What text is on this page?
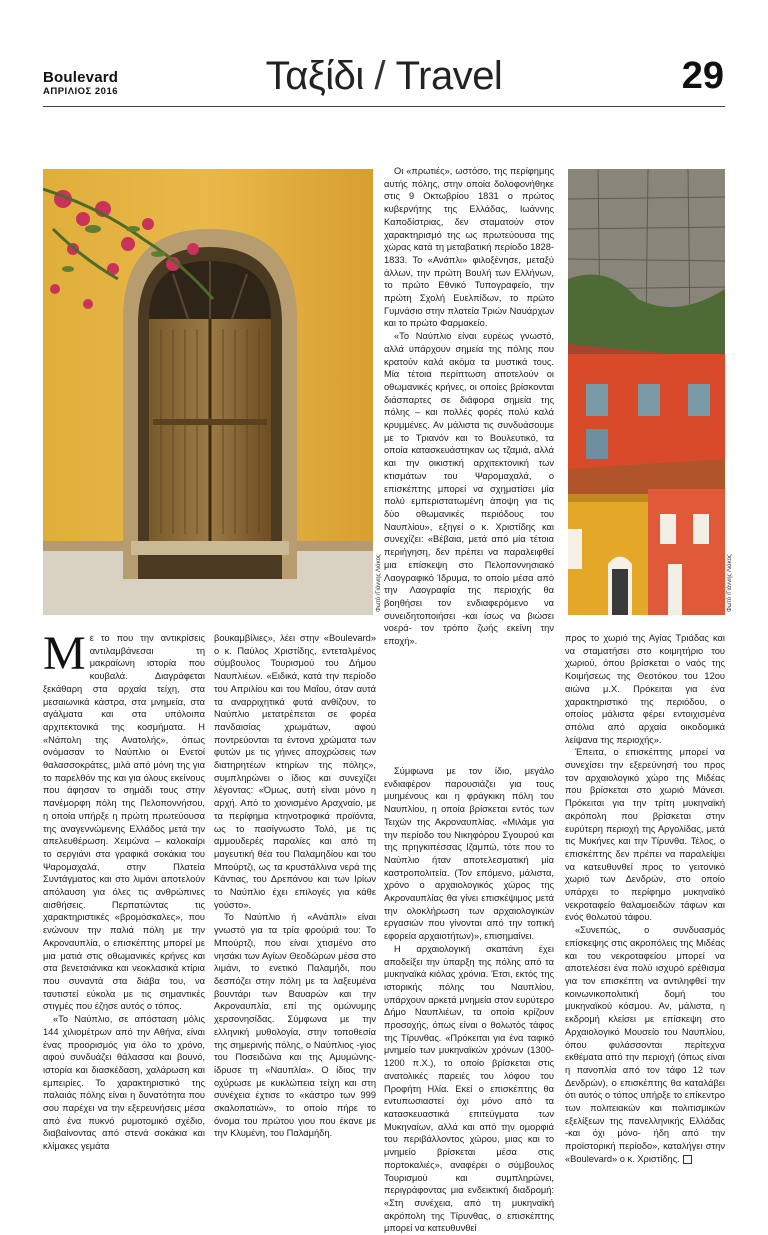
Boulevard
ΑΠΡΙΛΙΟΣ 2016	Ταξίδι / Travel	29
Φωτό /Γιάννης Λιάκος	Φωτό /Γιάννης Λιάκος

Οι «πρωτιές», ωστόσο, της περίφημης αυτής πόλης, στην οποία δολοφονήθηκε στις 9 Οκτωβρίου 1831 ο πρώτος κυβερνήτης της Ελλάδας, Ιωάννης Καποδίστριας, δεν σταματούν στον χαρακτηρισμό της ως πρωτεύουσα της χώρας κατά τη μεταβατική περίοδο 1828-1833. Το «Ανάπλι» φιλοξένησε, μεταξύ άλλων, την πρώτη Βουλή των Ελλήνων, το πρώτο Εθνικό Τυπογραφείο, την πρώτη Σχολή Ευελπίδων, το πρώτο Γυμνάσιο στην πλατεία Τριών Ναυάρχων και το πρώτο Φαρμακείο.

«Το Ναύπλιο είναι ευρέως γνωστό, αλλά υπάρχουν σημεία της πόλης που κρατούν καλά ακόμα τα μυστικά τους. Μία τέτοια περίπτωση αποτελούν οι οθωμανικές κρήνες, οι οποίες βρίσκονται διάσπαρτες σε διάφορα σημεία της πόλης – και πολλές φορές πολύ καλά κρυμμένες. Αν μάλιστα τις συνδυάσουμε με το Τριανόν και το Βουλευτικό, τα οποία κατασκευάστηκαν ως τζαμιά, αλλά και την οικιστική αρχιτεκτονική των κτισμάτων του Ψαρομαχαλά, ο επισκέπτης μπορεί να σχηματίσει μία πολύ εμπεριστατωμένη άποψη για τις δύο οθωμανικές περιόδους του Ναυπλίου», εξηγεί ο κ. Χριστίδης και συνεχίζει: «Βέβαια, μετά από μία τέτοια περιήγηση, δεν πρέπει να παραλειφθεί μια επίσκεψη στο Πελοποννησιακό Λαογραφικό Ίδρυμα, το οποίο μέσα από την Λαογραφία της περιοχής θα βοηθήσει τον ενδιαφερόμενο να συνειδητοποιήσει -και ίσως να βιώσει νοερά- τον τρόπο ζωής εκείνη την εποχή».

Με το που την αντικρίσεις αντιλαμβάνεσαι τη μακραίωνη ιστορία που κουβαλά. Διαγράφεται ξεκάθαρη στα αρχαία τείχη, στα μεσαιωνικά κάστρα, στα μνημεία, στα αγάλματα και στα υπόλοιπα αρχιτεκτονικά της κοσμήματα. Η «Νάπολη της Ανατολής», όπως ονόμασαν το Ναύπλιο οι Ενετοί θαλασσοκράτες, μιλά από μόνη της για το παρελθόν της και για όλους εκείνους που άφησαν το σημάδι τους στην πανέμορφη πόλη της Πελοποννήσου, η οποία υπήρξε η πρώτη πρωτεύουσα της αναγεννώμενης Ελλάδος μετά την απελευθέρωση. Χειμώνα – καλοκαίρι το σεργιάνι στα γραφικά σοκάκια του Ψαρομαχαλά, στην Πλατεία Συντάγματος και στο λιμάνι αποτελούν απόλαυση για όλες τις ανθρώπινες αισθήσεις. Περπατώντας τις χαρακτηριστικές «βρομόσκαλες», που ενώνουν την παλιά πόλη με την Ακροναυπλία, ο επισκέπτης μπορεί με μια ματιά στις οθωμανικές κρήνες και στα βενετσιάνικα και νεοκλασικά κτίρια που συναντά στα διάβα του, να ταυτιστεί εύκολα με τις σημαντικές στιγμές που έζησε αυτός ο τόπος.

«Το Ναύπλιο, σε απόσταση μόλις 144 χιλιομέτρων από την Αθήνα, είναι ένας προορισμός για όλο το χρόνο, αφού συνδυάζει θάλασσα και βουνό, ιστορία και διασκέδαση, χαλάρωση και εμπειρίες. Το χαρακτηριστικό της παλαιάς πόλης είναι η δυνατότητα που σου παρέχει να την εξερευνήσεις μέσα από ένα πυκνό ρυμοτομικό σχέδιο, διαβαίνοντας από στενά σοκάκια και κλίμακες γεμάτα

βουκαμβίλιες», λέει στην «Boulevard» ο κ. Παύλος Χριστίδης, εντεταλμένος σύμβουλος Τουρισμού του Δήμου Ναυπλιέων. «Ειδικά, κατά την περίοδο του Απριλίου και του Μαΐου, όταν αυτά τα αναρριχητικά φυτά ανθίζουν, το Ναύπλιο μετατρέπεται σε φορέα πανδαισίας χρωμάτων, αφού ποντρεύονται τα έντονα χρώματα των φυτών με τις γήινες αποχρώσεις των διατηρητέων κτηρίων της πόλης», συμπληρώνει ο ίδιος και συνεχίζει λέγοντας: «Όμως, αυτή είναι μόνο η αρχή. Από το χιονισμένο Αραχναίο, με τα περίφημα κτηνοτροφικά προϊόντα, ως το πασίγνωστο Τολό, με τις αμμουδερές παραλίες και από τη μαγευτική θέα του Παλαμηδίου και του Μπούρτζι, ως τα κρυστάλλινα νερά της Κάντιας, του Δρεπάνου και των Ιρίων το Ναύπλιο έχει επιλογές για κάθε γούστο».

Το Ναύπλιο ή «Ανάπλι» είναι γνωστό για τα τρία φρούριά του: Το Μπούρτζι, που είναι χτισμένο στο νησάκι των Αγίων Θεοδώρων μέσα στο λιμάνι, το ενετικό Παλαμήδι, που δεσπόζει στην πόλη με τα λαξευμένα βουντάρι των Βαυαρών και την Ακροναυπλία, επί της ομώνυμης χερσονησίδας. Σύμφωνα με την ελληνική μυθολογία, στην τοποθεσία της σημερινής πόλης, ο Ναύπλιος -γιος του Ποσειδώνα και της Αμυμώνης- ίδρυσε τη «Ναυπλία». Ο ίδιος την οχύρωσε με κυκλώπεια τείχη και στη συνέχεια έχτισε το «κάστρο των 999 σκαλοπατιών», το οποίο πήρε το όνομα του πρώτου γιου που έκανε με την Κλυμένη, του Παλαμήδη.

Σύμφωνα με τον ίδιο, μεγάλο ενδιαφέρον παρουσιάζει για τους μυημένους και η φράγκικη πόλη του Ναυπλίου, η οποία βρίσκεται εντός των Τειχών της Ακροναυπλίας. «Μιλάμε για την περίοδο του Νικηφόρου Σγουρού και της πρηγκιπέσσας Ιζαμπώ, τότε που το Ναύπλιο ήταν αποτελεσματική μία καστροπολιτεία. (Τον επόμενο, μάλιστα, χρόνο ο αρχαιολογικός χώρος της Ακροναυπλίας θα γίνει επισκέψιμος μετά την ολοκλήρωση των αρχαιολογικών εργασιών που γίνονται από την τοπική εφορεία αρχαιοτήτων)», επισημαίνει.

Η αρχαιολογική σκαπάνη έχει αποδείξει την ύπαρξη της πόλης από τα μυκηναϊκά κιόλας χρόνια. Έτσι, εκτός της ιστορικής πόλης του Ναυπλίου, υπάρχουν αρκετά μνημεία στον ευρύτερο Δήμο Ναυπλιέων, τα οποία κρίζουν προσοχής, όπως είναι ο θολωτός τάφος της Τίρυνθας. «Πρόκειται για ένα ταφικό μνημείο των μυκηναϊκών χρόνων (1300-1200 π.Χ.), το οποίο βρίσκεται στις ανατολικές παρειές του λόφου του Προφήτη Ηλία. Εκεί ο επισκέπτης θα εντυπωσιαστεί όχι μόνο από τα κατασκευαστικά επιτεύγματα των Μυκηναίων, αλλά και από την ομορφιά του περιβάλλοντος χώρου, μιας και το μνημείο βρίσκεται μέσα στις πορτοκαλιές», αναφέρει ο σύμβουλος Τουρισμού και συμπληρώνει, περιγράφοντας μια ενδεικτική διαδρομή: «Στη συνέχεια, από τη μυκηναϊκή ακρόπολη της Τίρυνθας, ο επισκέπτης μπορεί να κατευθυνθεί

προς το χωριό της Αγίας Τριάδας και να σταματήσει στο κοιμητήριο του χωριού, όπου βρίσκεται ο ναός της Κοιμήσεως της Θεοτόκου του 12ου αιώνα μ.Χ. Πρόκειται για ένα χαρακτηριστικό της περιόδου, ο οποίος μάλιστα φέρει εντοιχισμένα σπόλια από αρχαία οικοδομικά λείψανα της περιοχής».

Έπειτα, ο επισκέπτης μπορεί να συνεχίσει την εξερεύνησή του προς τον αρχαιολογικό χώρο της Μιδέας που βρίσκεται στο χωριό Μάνεσι. Πρόκειται για την τρίτη μυκηναϊκή ακρόπολη που βρίσκεται στην ευρύτερη περιοχή της Αργολίδας, μετά τις Μυκήνες και την Τίρυνθα. Τέλος, ο επισκέπτης δεν πρέπει να παραλείψει να κατευθυνθεί προς το γειτονικό χωριό των Δενδρών, στο οποίο υπάρχει το περίφημο μυκηναϊκό νεκροταφείο θαλαμοειδών τάφων και ενός θολωτού τάφου.

«Συνεπώς, ο συνδυασμός επίσκεψης στις ακροπόλεις της Μιδέας και του νεκροταφείου μπορεί να αποτελέσει ένα πολύ ισχυρό ερέθισμα για τον επισκέπτη να αντιληφθεί την κοινωνικοπολιτική δομή του μυκηναϊκού κόσμου. Αν, μάλιστα, η εκδρομή κλείσει με επίσκεψη στο Αρχαιολογικό Μουσείο του Ναυπλίου, όπου φυλάσσονται περίτεχνα εκθέματα από την περιοχή (όπως είναι η πανοπλία από τον τάφο 12 των Δενδρών), ο επισκέπτης θα καταλάβει ότι αυτός ο τόπος υπήρξε το επίκεντρο των πολιτειακών και πολιτισμικών εξελίξεων της πανελληνικής Ελλάδας -και όχι μόνο- ήδη από την προϊστορική περίοδο», καταλήγει στην «Boulevard» ο κ. Χριστίδης.
